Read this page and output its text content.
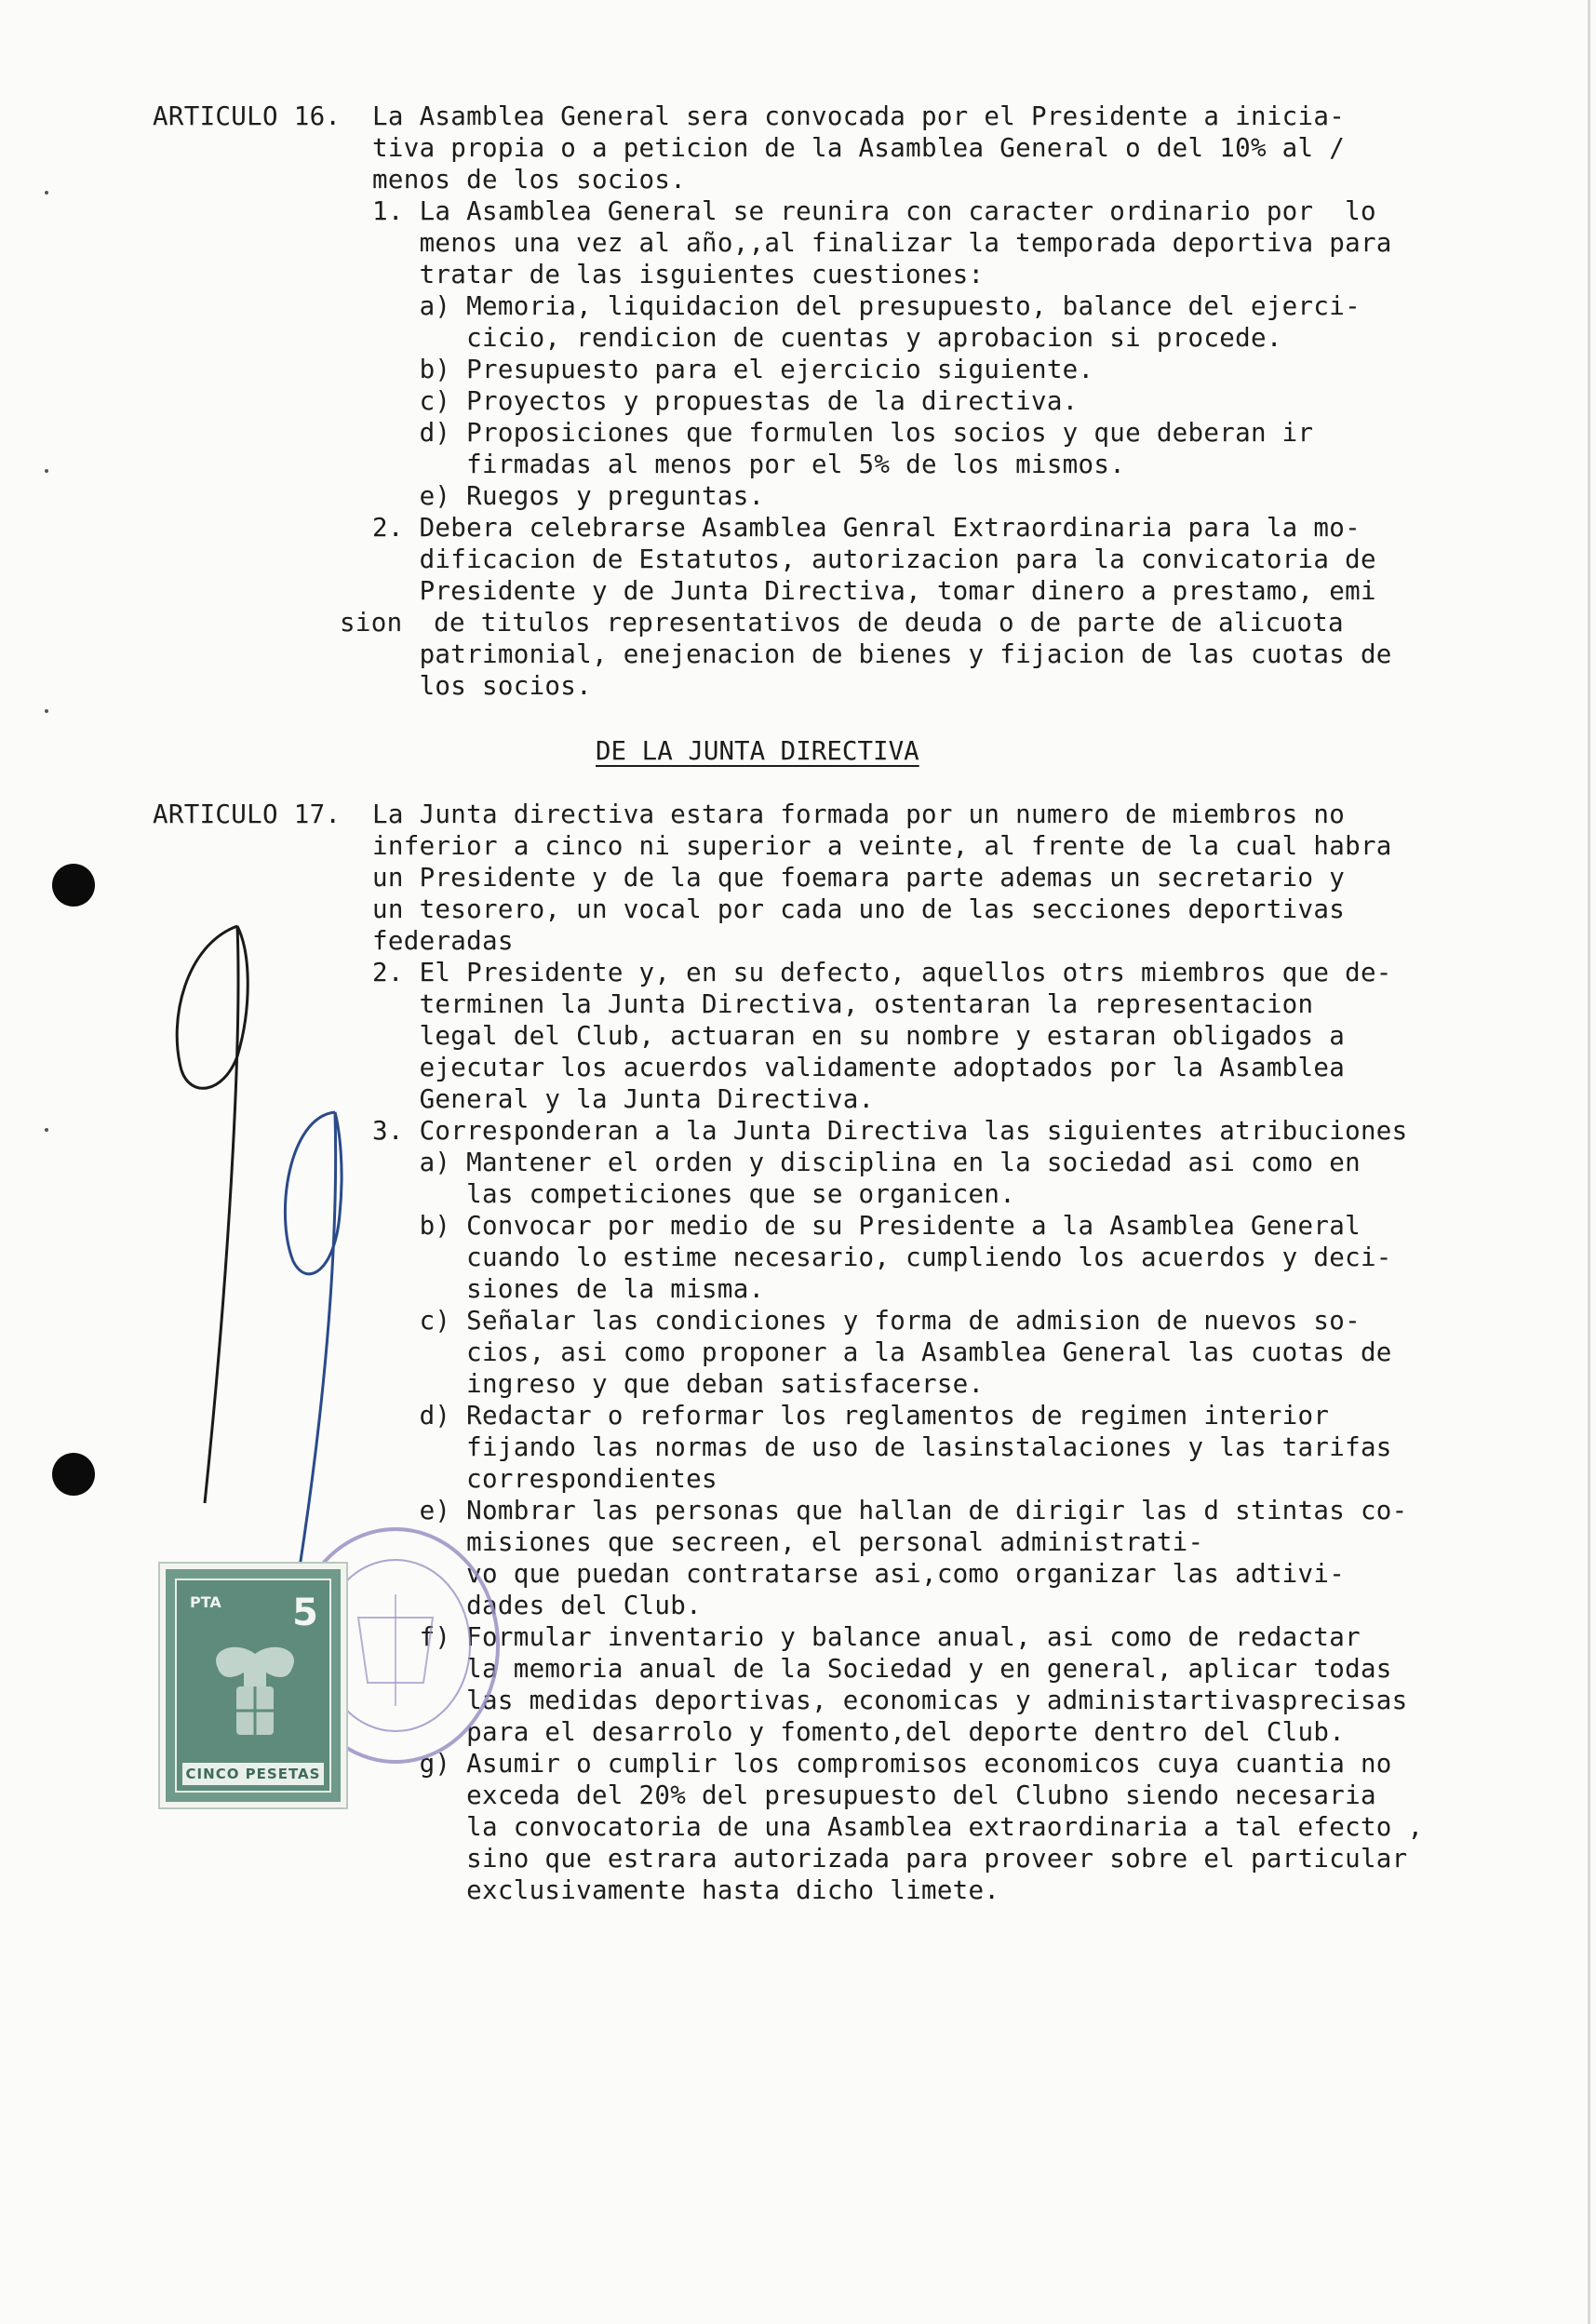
ARTICULO 16. La Asamblea General sera convocada por el Presidente a inicia-
tiva propia o a peticion de la Asamblea General o del 10% al /
menos de los socios.
1. La Asamblea General se reunira con caracter ordinario por  lo
menos una vez al año,,al finalizar la temporada deportiva para
tratar de las isguientes cuestiones:
a) Memoria, liquidacion del presupuesto, balance del ejerci-
cicio, rendicion de cuentas y aprobacion si procede.
b) Presupuesto para el ejercicio siguiente.
c) Proyectos y propuestas de la directiva.
d) Proposiciones que formulen los socios y que deberan ir
firmadas al menos por el 5% de los mismos.
e) Ruegos y preguntas.
2. Debera celebrarse Asamblea Genral Extraordinaria para la mo-
dificacion de Estatutos, autorizacion para la convicatoria de
Presidente y de Junta Directiva, tomar dinero a prestamo, emi
sion  de titulos representativos de deuda o de parte de alicuota
patrimonial, enejenacion de bienes y fijacion de las cuotas de
los socios.
DE LA JUNTA DIRECTIVA
ARTICULO 17. La Junta directiva estara formada por un numero de miembros no
inferior a cinco ni superior a veinte, al frente de la cual habra
un Presidente y de la que foemara parte ademas un secretario y
un tesorero, un vocal por cada uno de las secciones deportivas
federadas
2. El Presidente y, en su defecto, aquellos otrs miembros que de-
terminen la Junta Directiva, ostentaran la representacion
legal del Club, actuaran en su nombre y estaran obligados a
ejecutar los acuerdos validamente adoptados por la Asamblea
General y la Junta Directiva.
3. Corresponderan a la Junta Directiva las siguientes atribuciones
a) Mantener el orden y disciplina en la sociedad asi como en
las competiciones que se organicen.
b) Convocar por medio de su Presidente a la Asamblea General
cuando lo estime necesario, cumpliendo los acuerdos y deci-
siones de la misma.
c) Señalar las condiciones y forma de admision de nuevos so-
cios, asi como proponer a la Asamblea General las cuotas de
ingreso y que deban satisfacerse.
d) Redactar o reformar los reglamentos de regimen interior
fijando las normas de uso de lasinstalaciones y las tarifas
correspondientes
e) Nombrar las personas que hallan de dirigir las d stintas co-
misiones que secreen, el personal administrati-
vo que puedan contratarse asi,como organizar las adtivi-
dades del Club.
f) Formular inventario y balance anual, asi como de redactar
la memoria anual de la Sociedad y en general, aplicar todas
las medidas deportivas, economicas y administartivasprecisas
para el desarrolo y fomento,del deporte dentro del Club.
g) Asumir o cumplir los compromisos economicos cuya cuantia no
exceda del 20% del presupuesto del Clubno siendo necesaria
la convocatoria de una Asamblea extraordinaria a tal efecto ,
sino que estrara autorizada para proveer sobre el particular
exclusivamente hasta dicho limete.
PTA 5
CINCO PESETAS
